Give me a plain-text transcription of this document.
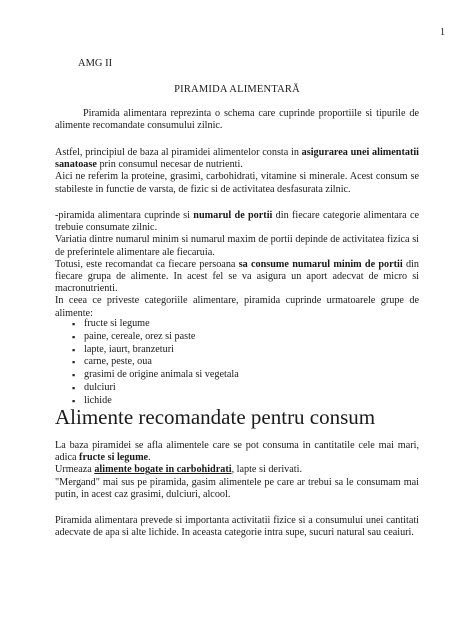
1
AMG II
PIRAMIDA ALIMENTARĂ
Piramida alimentara reprezinta o schema care cuprinde proportiile si tipurile de
alimente recomandate consumului zilnic.
Astfel, principiul de baza al piramidei alimentelor consta in asigurarea unei alimentatii
sanatoase prin consumul necesar de nutrienti.
Aici ne referim la proteine, grasimi, carbohidrati, vitamine si minerale. Acest consum se
stabileste in functie de varsta, de fizic si de activitatea desfasurata zilnic.
-piramida alimentara cuprinde si numarul de portii din fiecare categorie alimentara ce
trebuie consumate zilnic.
Variatia dintre numarul minim si numarul maxim de portii depinde de activitatea fizica si
de preferintele alimentare ale fiecaruia.
Totusi, este recomandat ca fiecare persoana sa consume numarul minim de portii din
fiecare grupa de alimente. In acest fel se va asigura un aport adecvat de micro si
macronutrienti.
In ceea ce priveste categoriile alimentare, piramida cuprinde urmatoarele grupe de
alimente:
▪ fructe si legume
▪ paine, cereale, orez si paste
▪ lapte, iaurt, branzeturi
▪ carne, peste, oua
▪ grasimi de origine animala si vegetala
▪ dulciuri
▪ lichide
Alimente recomandate pentru consum
La baza piramidei se afla alimentele care se pot consuma in cantitatile cele mai mari,
adica fructe si legume.
Urmeaza alimente bogate in carbohidrati, lapte si derivati.
"Mergand" mai sus pe piramida, gasim alimentele pe care ar trebui sa le consumam mai
putin, in acest caz grasimi, dulciuri, alcool.
Piramida alimentara prevede si importanta activitatii fizice si a consumului unei cantitati
adecvate de apa si alte lichide. In aceasta categorie intra supe, sucuri natural sau ceaiuri.
